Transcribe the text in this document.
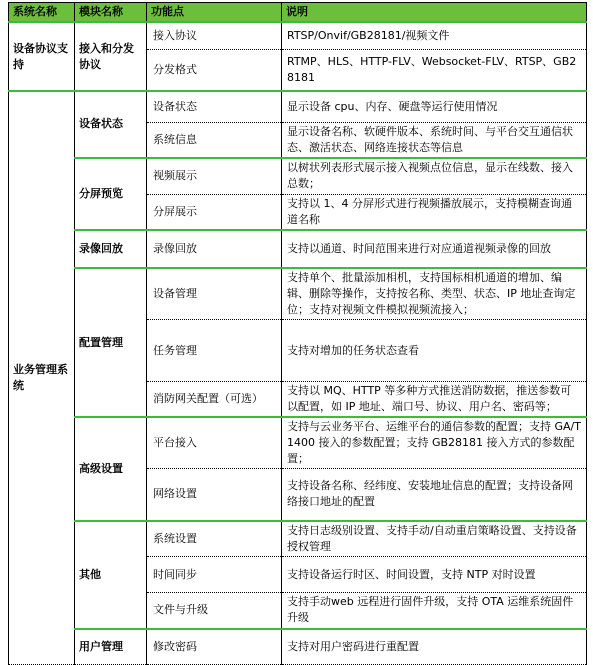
系统名称	模块名称	功能点	说明
设备协议支持	接入和分发协议	接入协议	RTSP/Onvif/GB28181/视频文件
		分发格式	RTMP、HLS、HTTP-FLV、Websocket-FLV、RTSP、GB28181
业务管理系统	设备状态	设备状态	显示设备 cpu、内存、硬盘等运行使用情况
		系统信息	显示设备名称、软硬件版本、系统时间、与平台交互通信状态、激活状态、网络连接状态等信息
	分屏预览	视频展示	以树状列表形式展示接入视频点位信息，显示在线数、接入总数；
		分屏展示	支持以 1、4 分屏形式进行视频播放展示，支持模糊查询通道名称
	录像回放	录像回放	支持以通道、时间范围来进行对应通道视频录像的回放
	配置管理	设备管理	支持单个、批量添加相机，支持国标相机通道的增加、编辑、删除等操作，支持按名称、类型、状态、IP 地址查询定位；支持对视频文件模拟视频流接入；
		任务管理	支持对增加的任务状态查看
		消防网关配置（可选）	支持以 MQ、HTTP 等多种方式推送消防数据，推送参数可以配置，如 IP 地址、端口号、协议、用户名、密码等；
	高级设置	平台接入	支持与云业务平台、运维平台的通信参数的配置；支持 GA/T1400 接入的参数配置；支持 GB28181 接入方式的参数配置；
		网络设置	支持设备名称、经纬度、安装地址信息的配置；支持设备网络接口地址的配置
	其他	系统设置	支持日志级别设置、支持手动/自动重启策略设置、支持设备授权管理
		时间同步	支持设备运行时区、时间设置，支持 NTP 对时设置
		文件与升级	支持手动web 远程进行固件升级，支持 OTA 运维系统固件升级
	用户管理	修改密码	支持对用户密码进行重配置
